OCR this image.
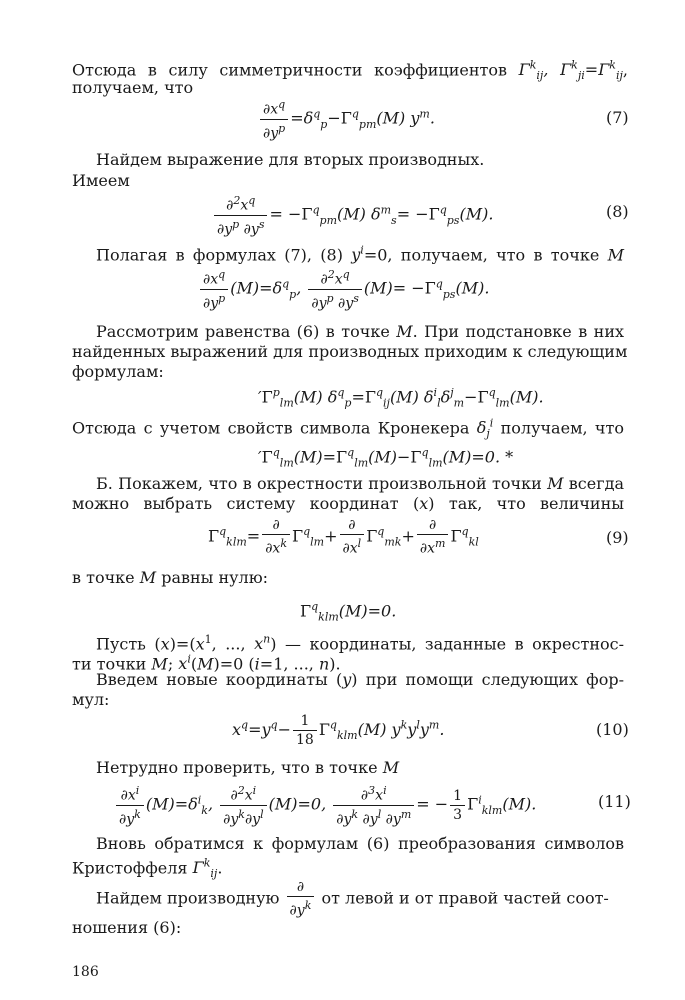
Отсюда в силу симметричности коэффициентов $\Gamma^k_{ij}$, $\Gamma^k_{ji}=\Gamma^k_{ij}$,
получаем, что
$\frac{\partial x^q}{\partial y^p} =\delta^q_p-\Gamma^q_{pm}(M)$ $y^m$.	(7)
Найдем выражение для вторых производных.
Имеем
$\frac{\partial^2x^q}{\partial y^p \partial y^s} = -\Gamma^q_{pm}(M)$ $\delta^m_s= -\Gamma^q_{ps}(M)$.	(8)
Полагая в формулах (7), (8) $y^i=0$, получаем, что в точке M
$\frac{\partial x^q}{\partial y^p} (M)=\delta^q_p$, $\frac{\partial^2x^q}{\partial y^p \partial y^s} (M)= -\Gamma^q_{ps}(M)$.
Рассмотрим равенства (6) в точке M. При подстановке в них
найденных выражений для производных приходим к следующим
формулам:
$'\Gamma^p_{lm}(M)$ $\delta^q_p=\Gamma^q_{ij}(M)$ $\delta^i_l\delta^j_m-\Gamma^q_{lm}(M)$.
Отсюда с учетом свойств символа Кронекера $\delta_j^i$ получаем, что
$'\Gamma^q_{lm}(M)=\Gamma^q_{lm}(M)-\Gamma^q_{lm}(M)=0$. *
Б. Покажем, что в окрестности произвольной точки M всегда
можно выбрать систему координат (x) так, что величины
$\Gamma^q_{klm}= \frac{\partial}{\partial x^k} \Gamma^q_{lm}+ \frac{\partial}{\partial x^l} \Gamma^q_{mk}+ \frac{\partial}{\partial x^m} \Gamma^q_{kl}$	(9)
в точке M равны нулю:
$\Gamma^q_{klm}(M)=0$.
Пусть $(x)=(x^1$, ..., $x^n$) — координаты, заданные в окрестнос-
ти точки M; $x^i(M)=0$ (i=1, ..., n).
Введем новые координаты (y) при помощи следующих фор-
мул:
$x^q=y^q- \frac{1}{18} \Gamma^q_{klm}(M)$ $y^ky^ly^m$.	(10)
Нетрудно проверить, что в точке M
$\frac{\partial x^i}{\partial y^k} (M)=\delta^i_k$, $\frac{\partial^2x^i}{\partial y^k\partial y^l} (M)=0$, $\frac{\partial^3x^i}{\partial y^k \partial y^l \partial y^m}$ = − $\frac{1}{3} \Gamma^i_{klm}(M)$.	(11)
Вновь обратимся к формулам (6) преобразования символов
Кристоффеля $\Gamma^k_{ij}$.
Найдем производную $\frac{\partial}{\partial y^k}$ от левой и от правой частей соот-
ношения (6):
186
